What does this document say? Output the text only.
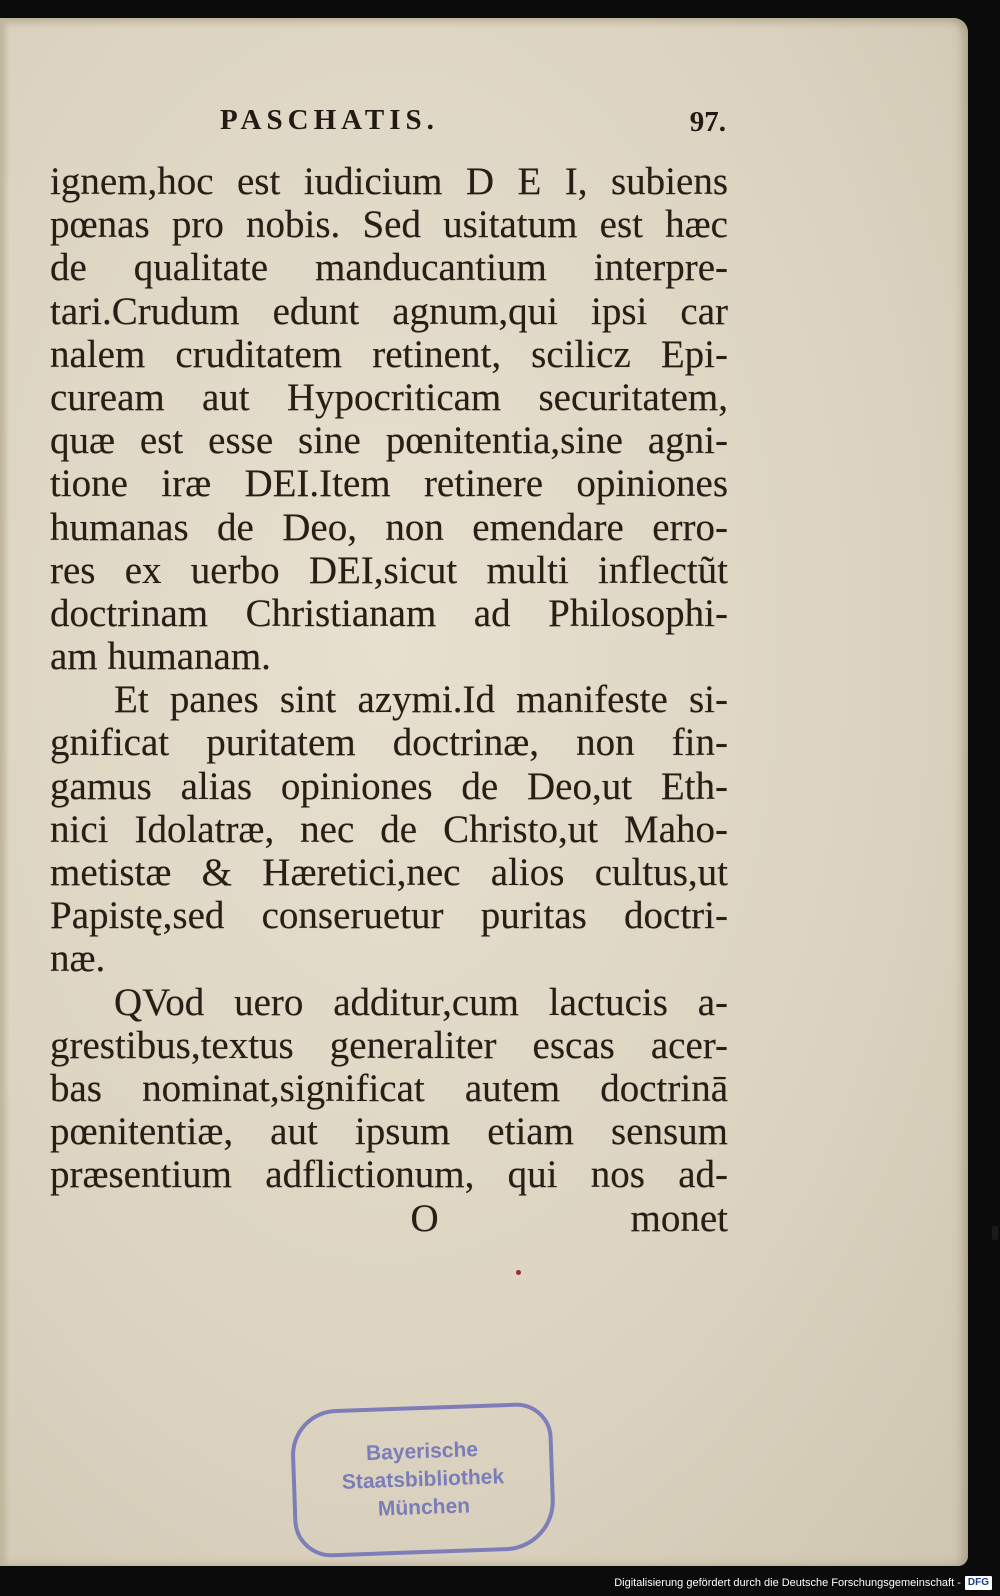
PASCHATIS.	97.
ignem,hoc est iudicium D E I, subiens
pœnas pro nobis. Sed usitatum est hæc
de qualitate manducantium interpre-
tari.Crudum edunt agnum,qui ipsi car
nalem cruditatem retinent, scilicz Epi-
cuream aut Hypocriticam securitatem,
quæ est esse sine pœnitentia,sine agni-
tione iræ DEI.Item retinere opiniones
humanas de Deo, non emendare erro-
res ex uerbo DEI,sicut multi inflectũt
doctrinam Christianam ad Philosophi-
am humanam.
Et panes sint azymi.Id manifeste si-
gnificat puritatem doctrinæ, non fin-
gamus alias opiniones de Deo,ut Eth-
nici Idolatræ, nec de Christo,ut Maho-
metistæ & Hæretici,nec alios cultus,ut
Papistę,sed conseruetur puritas doctri-
næ.
QVod uero additur,cum lactucis a-
grestibus,textus generaliter escas acer-
bas nominat,significat autem doctrinā
pœnitentiæ, aut ipsum etiam sensum
præsentium adflictionum, qui nos ad-
O	monet
Bayerische
Staatsbibliothek
München
Digitalisierung gefördert durch die Deutsche Forschungsgemeinschaft - DFG
